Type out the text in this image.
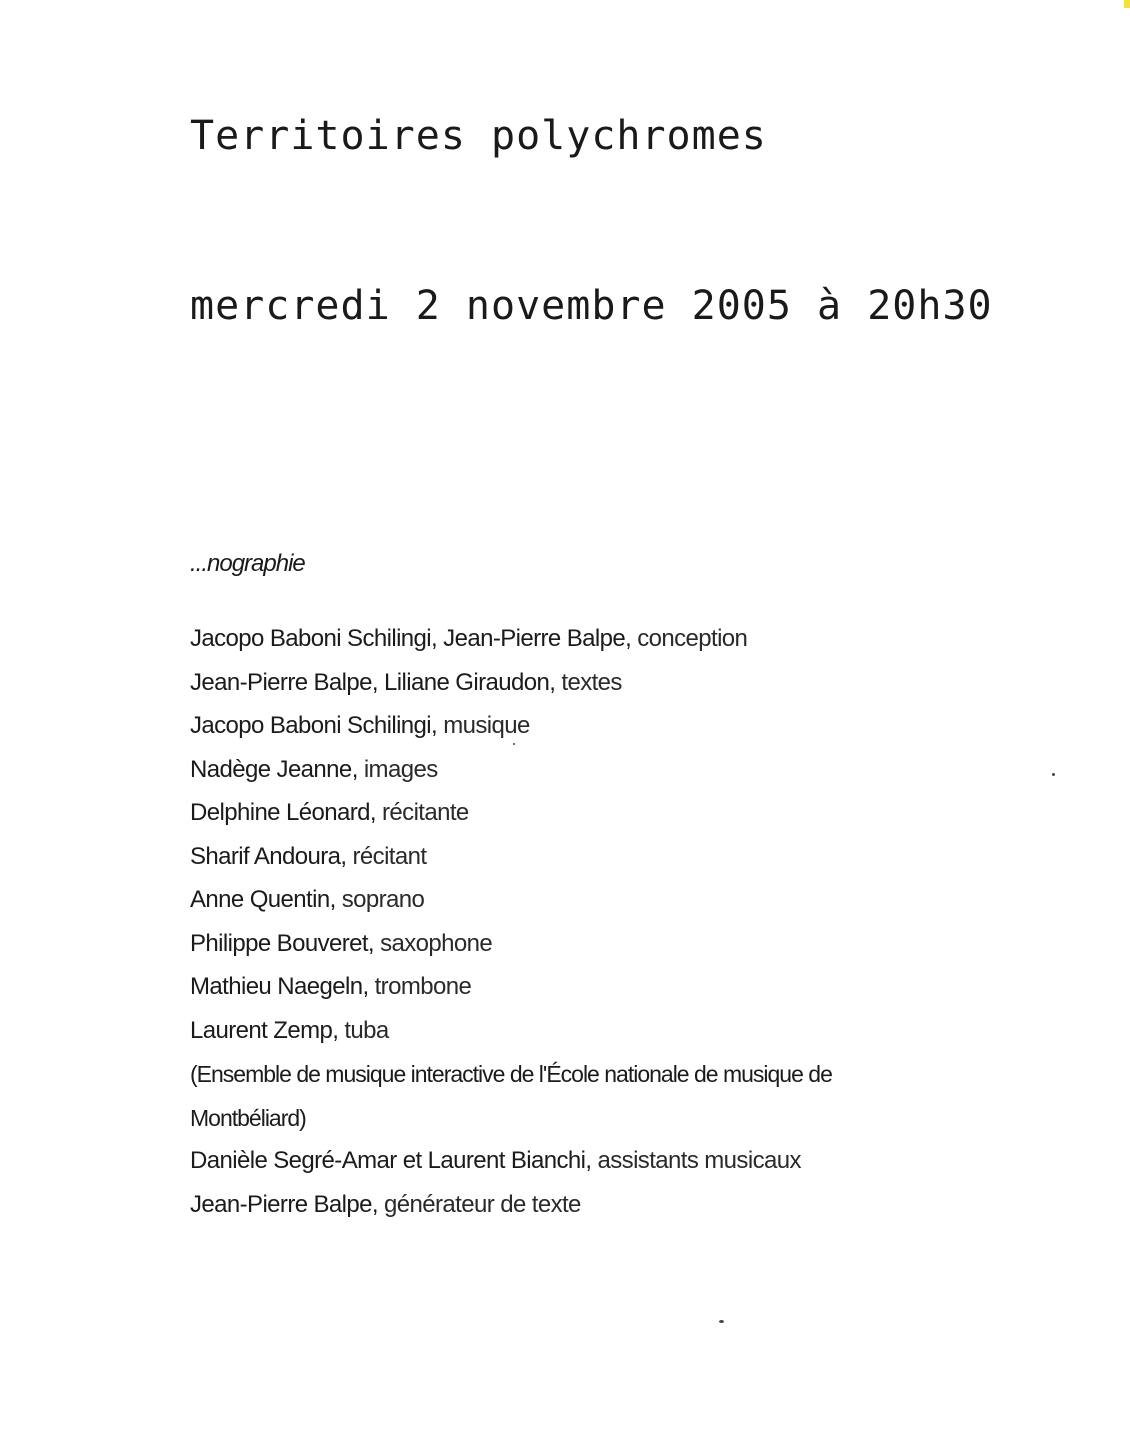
Territoires polychromes
mercredi 2 novembre 2005 à 20h30
...nographie
Jacopo Baboni Schilingi, Jean-Pierre Balpe, conception
Jean-Pierre Balpe, Liliane Giraudon, textes
Jacopo Baboni Schilingi, musique
Nadège Jeanne, images
Delphine Léonard, récitante
Sharif Andoura, récitant
Anne Quentin, soprano
Philippe Bouveret, saxophone
Mathieu Naegeln, trombone
Laurent Zemp, tuba
(Ensemble de musique interactive de l'École nationale de musique de
Montbéliard)
Danièle Segré-Amar et Laurent Bianchi, assistants musicaux
Jean-Pierre Balpe, générateur de texte
